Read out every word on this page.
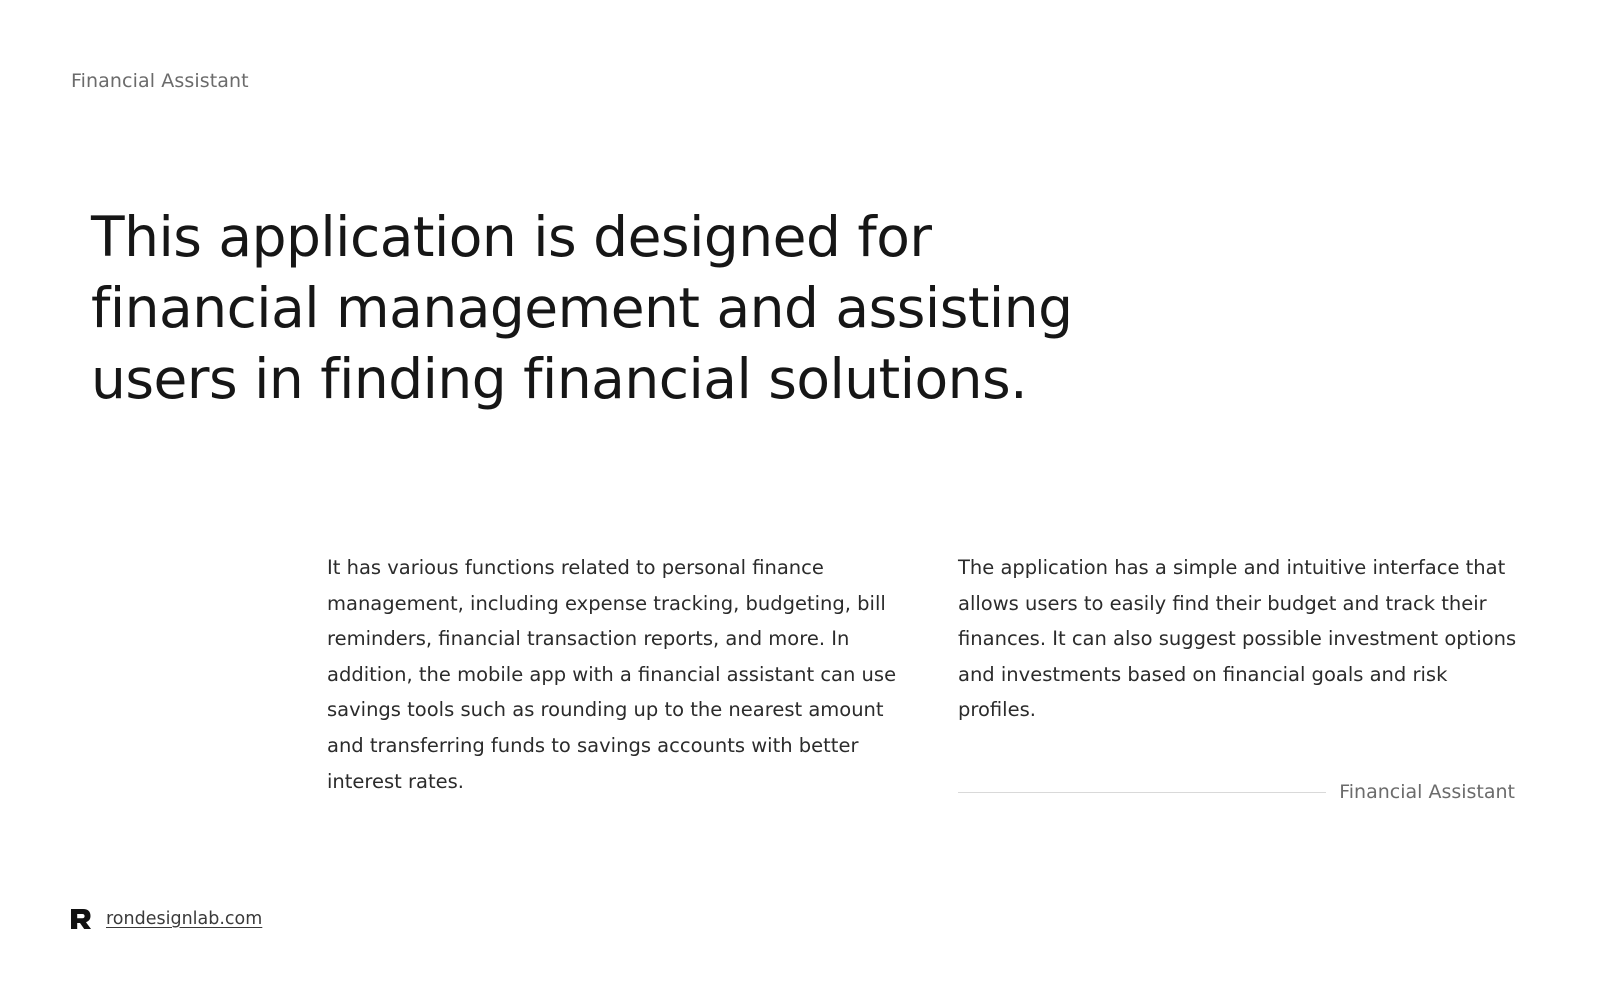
Financial Assistant
This application is designed for financial management and assisting users in finding financial solutions.

It has various functions related to personal finance management, including expense tracking, budgeting, bill reminders, financial transaction reports, and more. In addition, the mobile app with a financial assistant can use savings tools such as rounding up to the nearest amount and transferring funds to savings accounts with better interest rates.

The application has a simple and intuitive interface that allows users to easily find their budget and track their finances. It can also suggest possible investment options and investments based on financial goals and risk profiles.

Financial Assistant
rondesignlab.com
